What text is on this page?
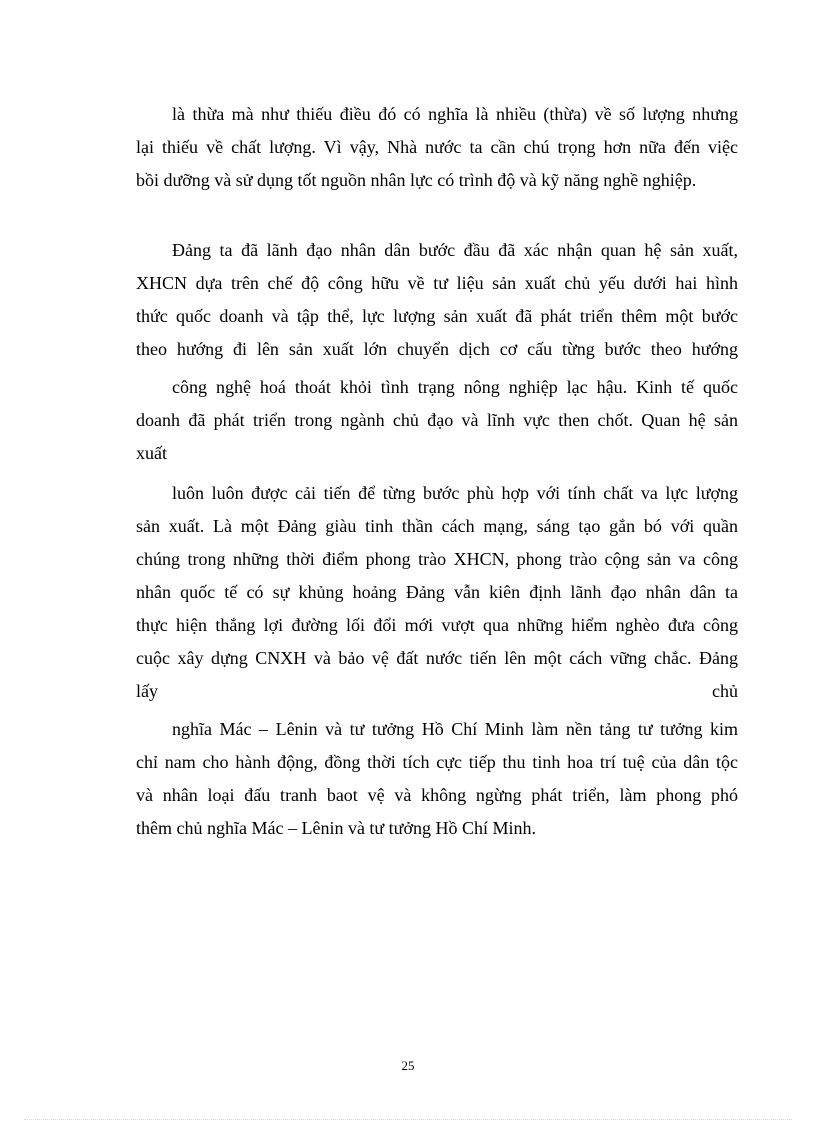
là thừa mà như thiếu điều đó có nghĩa là nhiều (thừa) về số lượng nhưng
lại thiếu về chất lượng. Vì vậy, Nhà nước ta cần chú trọng hơn nữa đến việc
bồi dưỡng và sử dụng tốt nguồn nhân lực có trình độ và kỹ năng nghề nghiệp.
Đảng ta đã lãnh đạo nhân dân bước đầu đã xác nhận quan hệ sản xuất,
XHCN dựa trên chế độ công hữu về tư liệu sản xuất chủ yếu dưới hai hình
thức quốc doanh và tập thể, lực lượng sản xuất đã phát triển thêm một bước
theo hướng đi lên sản xuất lớn chuyển dịch cơ cấu từng bước theo hướng
công nghệ hoá thoát khỏi tình trạng nông nghiệp lạc hậu. Kinh tế quốc
doanh đã phát triển trong ngành chủ đạo và lĩnh vực then chốt. Quan hệ sản
xuất
luôn luôn được cải tiến để từng bước phù hợp với tính chất va lực lượng
sản xuất. Là một Đảng giàu tinh thần cách mạng, sáng tạo gắn bó với quần
chúng trong những thời điểm phong trào XHCN, phong trào cộng sản va công
nhân quốc tế có sự khủng hoảng Đảng vẫn kiên định lãnh đạo nhân dân ta
thực hiện thắng lợi đường lối đổi mới vượt qua những hiểm nghèo đưa công
cuộc xây dựng CNXH và bảo vệ đất nước tiến lên một cách vững chắc. Đảng
lấy chủ
nghĩa Mác – Lênin và tư tưởng Hồ Chí Minh làm nền tảng tư tưởng kim
chỉ nam cho hành động, đồng thời tích cực tiếp thu tinh hoa trí tuệ của dân tộc
và nhân loại đấu tranh baot vệ và không ngừng phát triển, làm phong phó
thêm chủ nghĩa Mác – Lênin và tư tưởng Hồ Chí Minh.
25
